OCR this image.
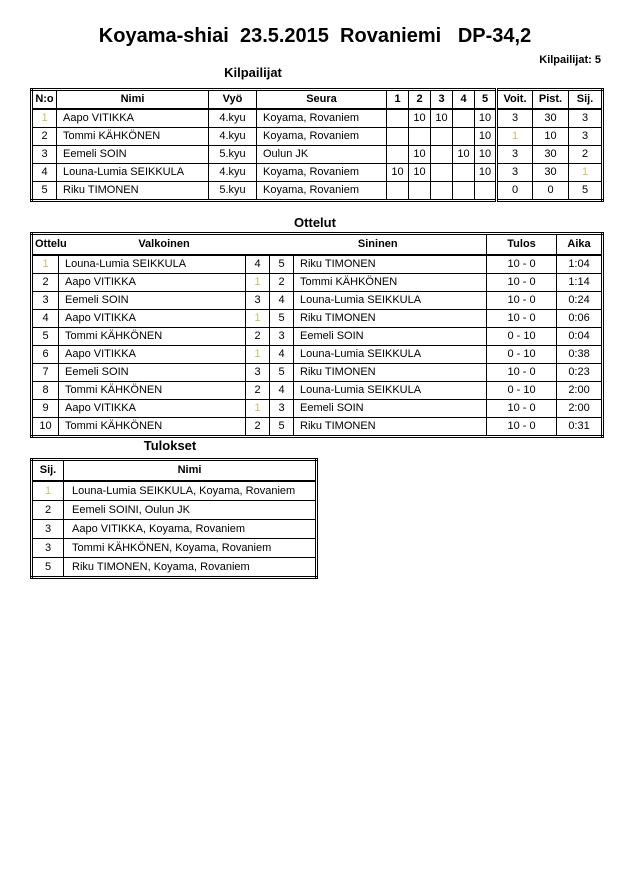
Koyama-shiai  23.5.2015  Rovaniemi   DP-34,2
Kilpailijat: 5
Kilpailijat
N:o	Nimi	Vyö	Seura	1	2	3	4	5	Voit.	Pist.	Sij.
1	Aapo VITIKKA	4.kyu	Koyama, Rovaniem		10	10		10	3	30	3
2	Tommi KÄHKÖNEN	4.kyu	Koyama, Rovaniem					10	1	10	3
3	Eemeli SOIN	5.kyu	Oulun JK		10		10	10	3	30	2
4	Louna-Lumia SEIKKULA	4.kyu	Koyama, Rovaniem	10	10			10	3	30	1
5	Riku TIMONEN	5.kyu	Koyama, Rovaniem						0	0	5
Ottelut
Ottelu	Valkoinen		Sininen		Tulos	Aika
1	Louna-Lumia SEIKKULA	4	5	Riku TIMONEN	10 - 0	1:04
2	Aapo VITIKKA	1	2	Tommi KÄHKÖNEN	10 - 0	1:14
3	Eemeli SOIN	3	4	Louna-Lumia SEIKKULA	10 - 0	0:24
4	Aapo VITIKKA	1	5	Riku TIMONEN	10 - 0	0:06
5	Tommi KÄHKÖNEN	2	3	Eemeli SOIN	0 - 10	0:04
6	Aapo VITIKKA	1	4	Louna-Lumia SEIKKULA	0 - 10	0:38
7	Eemeli SOIN	3	5	Riku TIMONEN	10 - 0	0:23
8	Tommi KÄHKÖNEN	2	4	Louna-Lumia SEIKKULA	0 - 10	2:00
9	Aapo VITIKKA	1	3	Eemeli SOIN	10 - 0	2:00
10	Tommi KÄHKÖNEN	2	5	Riku TIMONEN	10 - 0	0:31
Tulokset
Sij.	Nimi
1	Louna-Lumia SEIKKULA, Koyama, Rovaniem
2	Eemeli SOINI, Oulun JK
3	Aapo VITIKKA, Koyama, Rovaniem
3	Tommi KÄHKÖNEN, Koyama, Rovaniem
5	Riku TIMONEN, Koyama, Rovaniem
